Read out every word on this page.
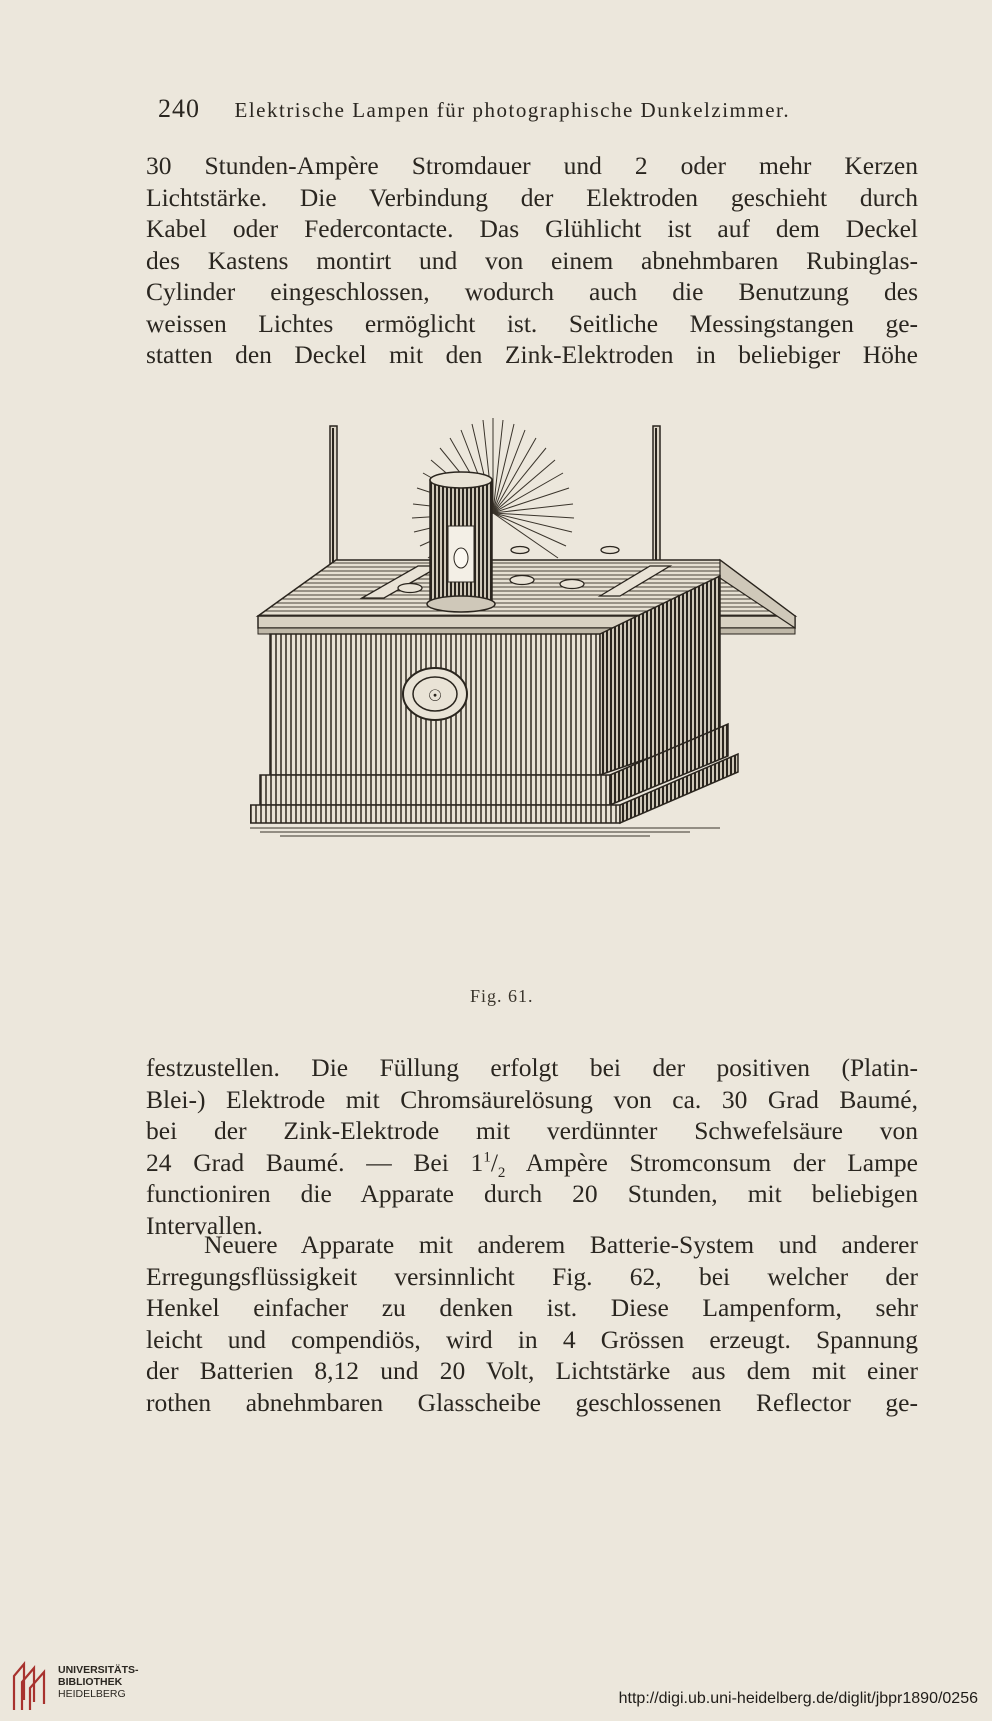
240 Elektrische Lampen für photographische Dunkelzimmer.
30 Stunden-Ampère Stromdauer und 2 oder mehr Kerzen
Lichtstärke. Die Verbindung der Elektroden geschieht durch
Kabel oder Federcontacte. Das Glühlicht ist auf dem Deckel
des Kastens montirt und von einem abnehmbaren Rubinglas-
Cylinder eingeschlossen, wodurch auch die Benutzung des
weissen Lichtes ermöglicht ist. Seitliche Messingstangen ge-
statten den Deckel mit den Zink-Elektroden in beliebiger Höhe
☉
Fig. 61.
festzustellen. Die Füllung erfolgt bei der positiven (Platin-
Blei-) Elektrode mit Chromsäurelösung von ca. 30 Grad Baumé,
bei der Zink-Elektrode mit verdünnter Schwefelsäure von
24 Grad Baumé. — Bei $1^1/_2$ Ampère Stromconsum der Lampe
functioniren die Apparate durch 20 Stunden, mit beliebigen
Intervallen.
Neuere Apparate mit anderem Batterie-System und anderer
Erregungsflüssigkeit versinnlicht Fig. 62, bei welcher der
Henkel einfacher zu denken ist. Diese Lampenform, sehr
leicht und compendiös, wird in 4 Grössen erzeugt. Spannung
der Batterien 8,12 und 20 Volt, Lichtstärke aus dem mit einer
rothen abnehmbaren Glasscheibe geschlossenen Reflector ge-
UNIVERSITÄTS-
BIBLIOTHEK
HEIDELBERG	http://digi.ub.uni-heidelberg.de/diglit/jbpr1890/0256
